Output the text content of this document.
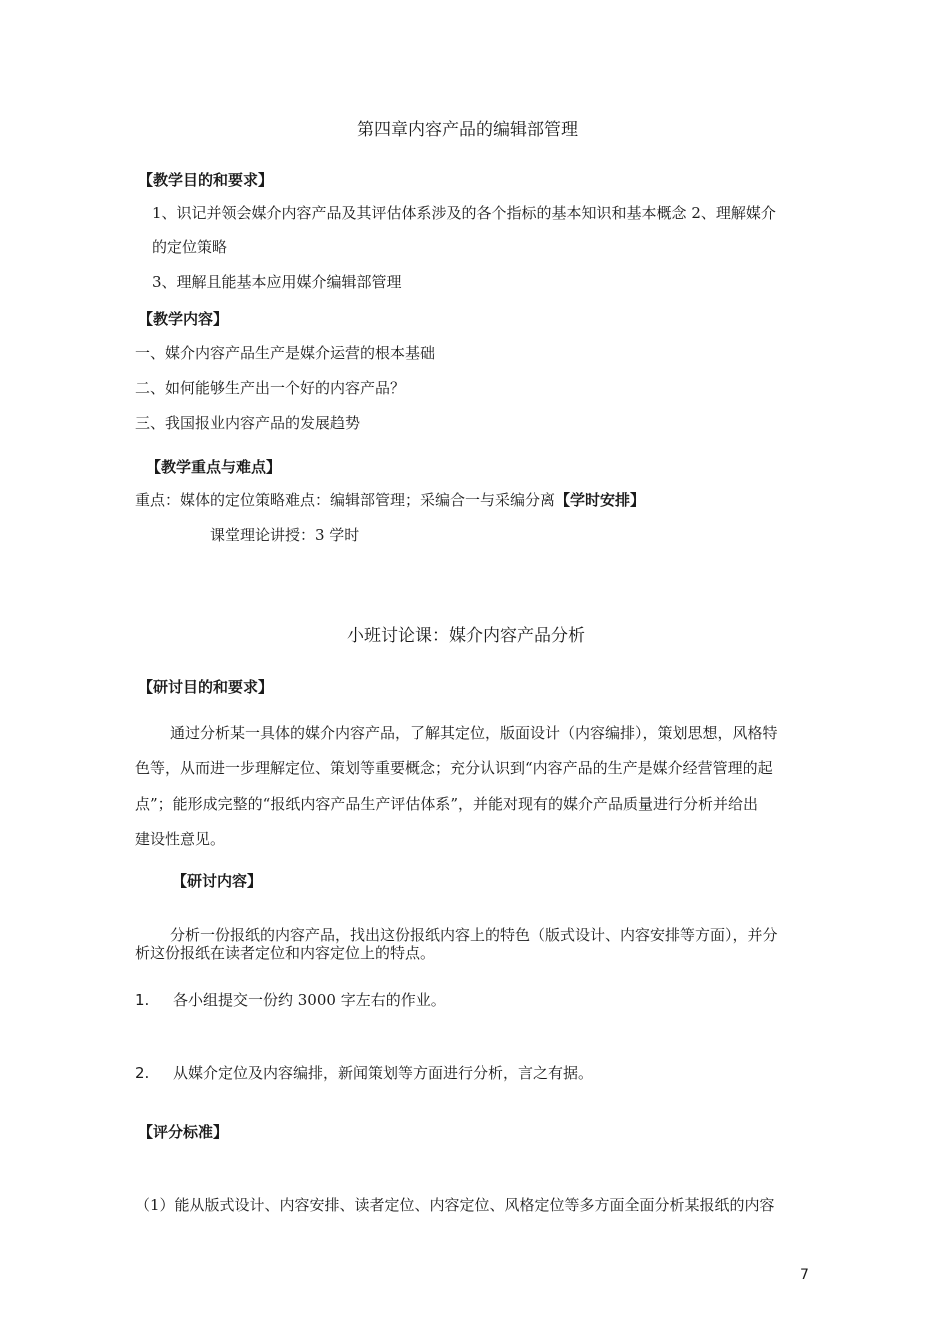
第四章内容产品的编辑部管理
【教学目的和要求】
1、识记并领会媒介内容产品及其评估体系涉及的各个指标的基本知识和基本概念 2、理解媒介
的定位策略
3、理解且能基本应用媒介编辑部管理
【教学内容】
一、媒介内容产品生产是媒介运营的根本基础
二、如何能够生产出一个好的内容产品？
三、我国报业内容产品的发展趋势
【教学重点与难点】
重点：媒体的定位策略难点：编辑部管理；采编合一与采编分离【学时安排】
课堂理论讲授：3 学时
小班讨论课：媒介内容产品分析
【研讨目的和要求】
通过分析某一具体的媒介内容产品，了解其定位，版面设计（内容编排），策划思想，风格特
色等，从而进一步理解定位、策划等重要概念；充分认识到“内容产品的生产是媒介经营管理的起
点”；能形成完整的“报纸内容产品生产评估体系”，并能对现有的媒介产品质量进行分析并给出
建设性意见。
【研讨内容】
分析一份报纸的内容产品，找出这份报纸内容上的特色（版式设计、内容安排等方面），并分
析这份报纸在读者定位和内容定位上的特点。
1. 各小组提交一份约 3000 字左右的作业。
2. 从媒介定位及内容编排，新闻策划等方面进行分析，言之有据。
【评分标准】
（1）能从版式设计、内容安排、读者定位、内容定位、风格定位等多方面全面分析某报纸的内容
7
